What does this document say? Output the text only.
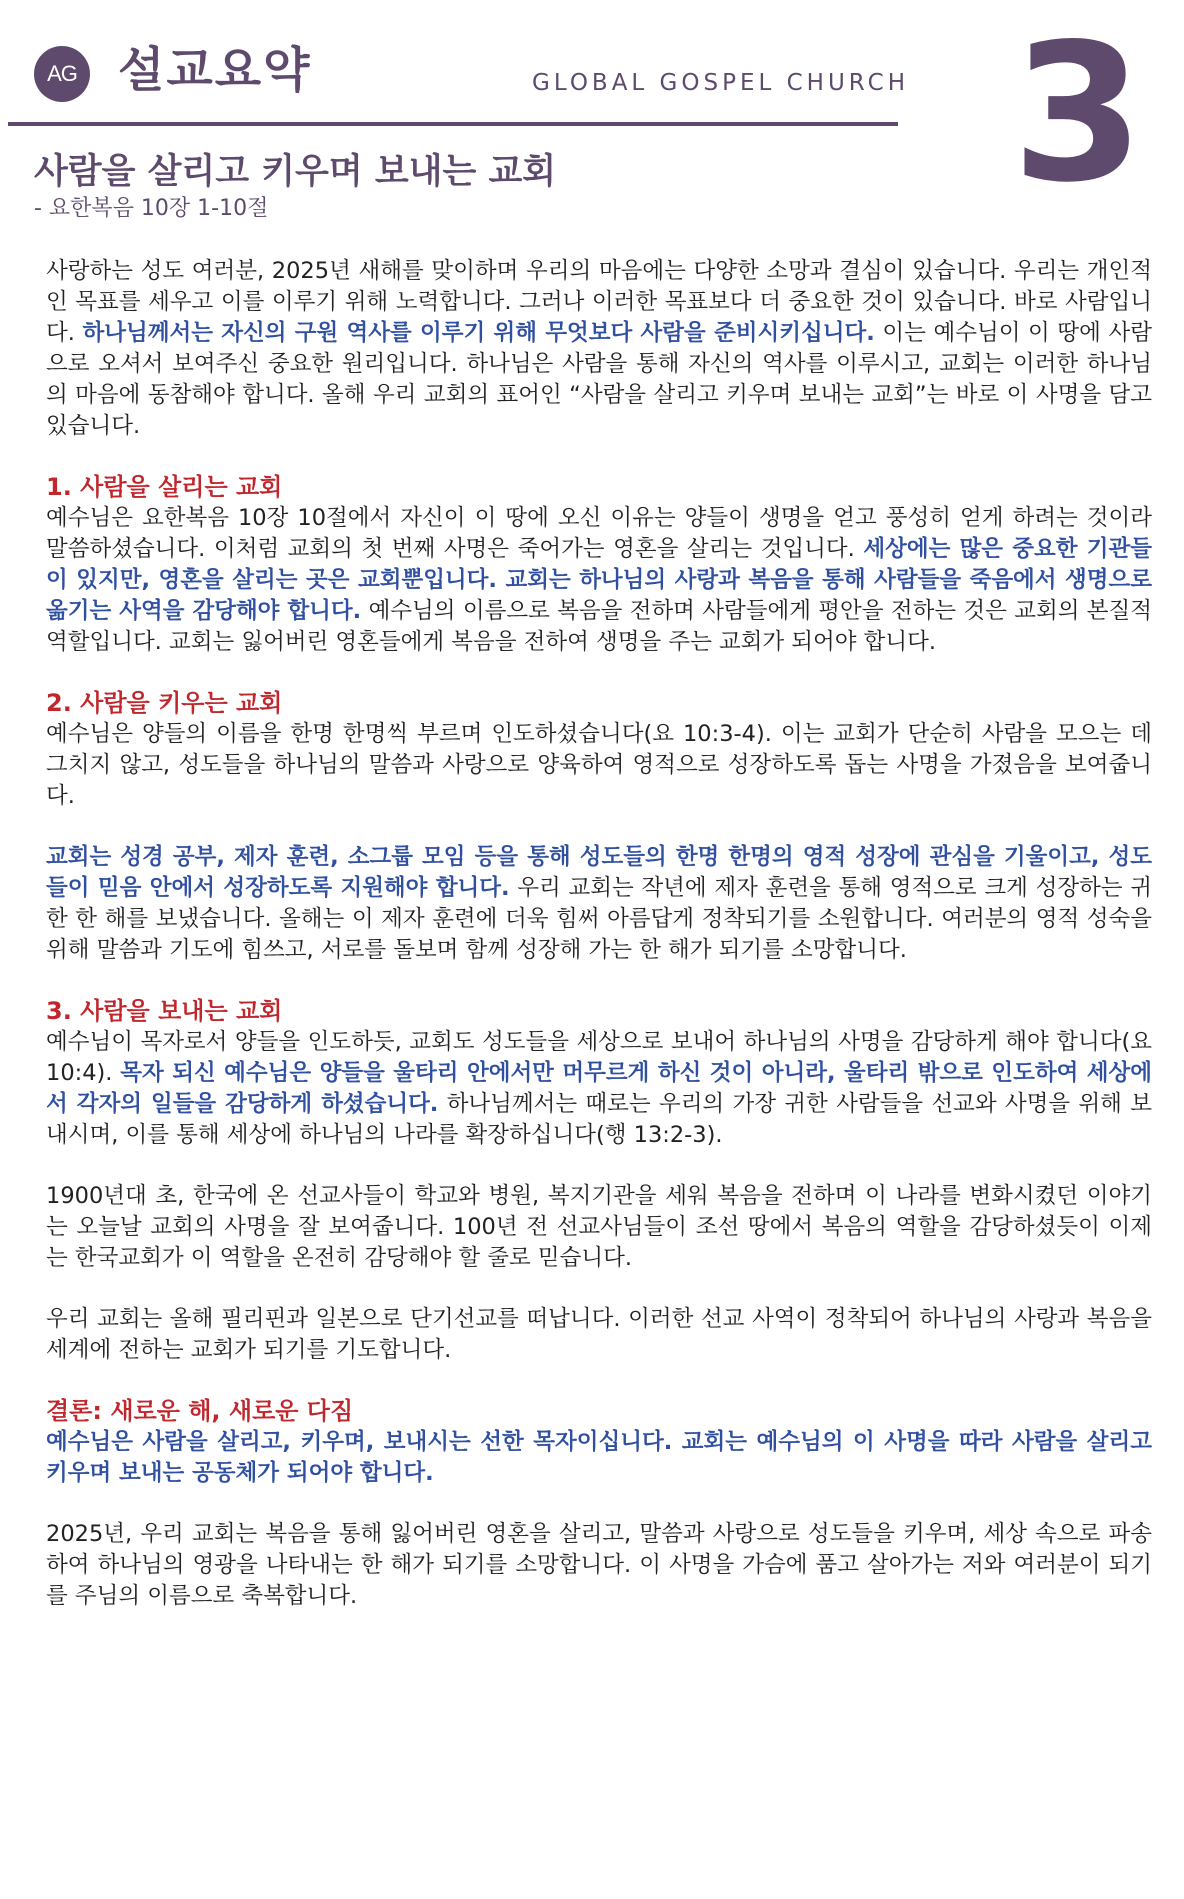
AG 설교요약	GLOBAL GOSPEL CHURCH 3
사람을 살리고 키우며 보내는 교회
- 요한복음 10장 1-10절

사랑하는 성도 여러분, 2025년 새해를 맞이하며 우리의 마음에는 다양한 소망과 결심이 있습니다. 우리는 개인적인 목표를 세우고 이를 이루기 위해 노력합니다. 그러나 이러한 목표보다 더 중요한 것이 있습니다. 바로 사람입니다. 하나님께서는 자신의 구원 역사를 이루기 위해 무엇보다 사람을 준비시키십니다. 이는 예수님이 이 땅에 사람으로 오셔서 보여주신 중요한 원리입니다. 하나님은 사람을 통해 자신의 역사를 이루시고, 교회는 이러한 하나님의 마음에 동참해야 합니다. 올해 우리 교회의 표어인 “사람을 살리고 키우며 보내는 교회”는 바로 이 사명을 담고 있습니다.

1. 사람을 살리는 교회

예수님은 요한복음 10장 10절에서 자신이 이 땅에 오신 이유는 양들이 생명을 얻고 풍성히 얻게 하려는 것이라 말씀하셨습니다. 이처럼 교회의 첫 번째 사명은 죽어가는 영혼을 살리는 것입니다. 세상에는 많은 중요한 기관들이 있지만, 영혼을 살리는 곳은 교회뿐입니다. 교회는 하나님의 사랑과 복음을 통해 사람들을 죽음에서 생명으로 옮기는 사역을 감당해야 합니다. 예수님의 이름으로 복음을 전하며 사람들에게 평안을 전하는 것은 교회의 본질적 역할입니다. 교회는 잃어버린 영혼들에게 복음을 전하여 생명을 주는 교회가 되어야 합니다.

2. 사람을 키우는 교회

예수님은 양들의 이름을 한명 한명씩 부르며 인도하셨습니다(요 10:3-4). 이는 교회가 단순히 사람을 모으는 데 그치지 않고, 성도들을 하나님의 말씀과 사랑으로 양육하여 영적으로 성장하도록 돕는 사명을 가졌음을 보여줍니다.

교회는 성경 공부, 제자 훈련, 소그룹 모임 등을 통해 성도들의 한명 한명의 영적 성장에 관심을 기울이고, 성도들이 믿음 안에서 성장하도록 지원해야 합니다. 우리 교회는 작년에 제자 훈련을 통해 영적으로 크게 성장하는 귀한 한 해를 보냈습니다. 올해는 이 제자 훈련에 더욱 힘써 아름답게 정착되기를 소원합니다. 여러분의 영적 성숙을 위해 말씀과 기도에 힘쓰고, 서로를 돌보며 함께 성장해 가는 한 해가 되기를 소망합니다.

3. 사람을 보내는 교회

예수님이 목자로서 양들을 인도하듯, 교회도 성도들을 세상으로 보내어 하나님의 사명을 감당하게 해야 합니다(요 10:4). 목자 되신 예수님은 양들을 울타리 안에서만 머무르게 하신 것이 아니라, 울타리 밖으로 인도하여 세상에서 각자의 일들을 감당하게 하셨습니다. 하나님께서는 때로는 우리의 가장 귀한 사람들을 선교와 사명을 위해 보내시며, 이를 통해 세상에 하나님의 나라를 확장하십니다(행 13:2-3).

1900년대 초, 한국에 온 선교사들이 학교와 병원, 복지기관을 세워 복음을 전하며 이 나라를 변화시켰던 이야기는 오늘날 교회의 사명을 잘 보여줍니다. 100년 전 선교사님들이 조선 땅에서 복음의 역할을 감당하셨듯이 이제는 한국교회가 이 역할을 온전히 감당해야 할 줄로 믿습니다.

우리 교회는 올해 필리핀과 일본으로 단기선교를 떠납니다. 이러한 선교 사역이 정착되어 하나님의 사랑과 복음을 세계에 전하는 교회가 되기를 기도합니다.

결론: 새로운 해, 새로운 다짐

예수님은 사람을 살리고, 키우며, 보내시는 선한 목자이십니다. 교회는 예수님의 이 사명을 따라 사람을 살리고 키우며 보내는 공동체가 되어야 합니다.

2025년, 우리 교회는 복음을 통해 잃어버린 영혼을 살리고, 말씀과 사랑으로 성도들을 키우며, 세상 속으로 파송하여 하나님의 영광을 나타내는 한 해가 되기를 소망합니다. 이 사명을 가슴에 품고 살아가는 저와 여러분이 되기를 주님의 이름으로 축복합니다.
